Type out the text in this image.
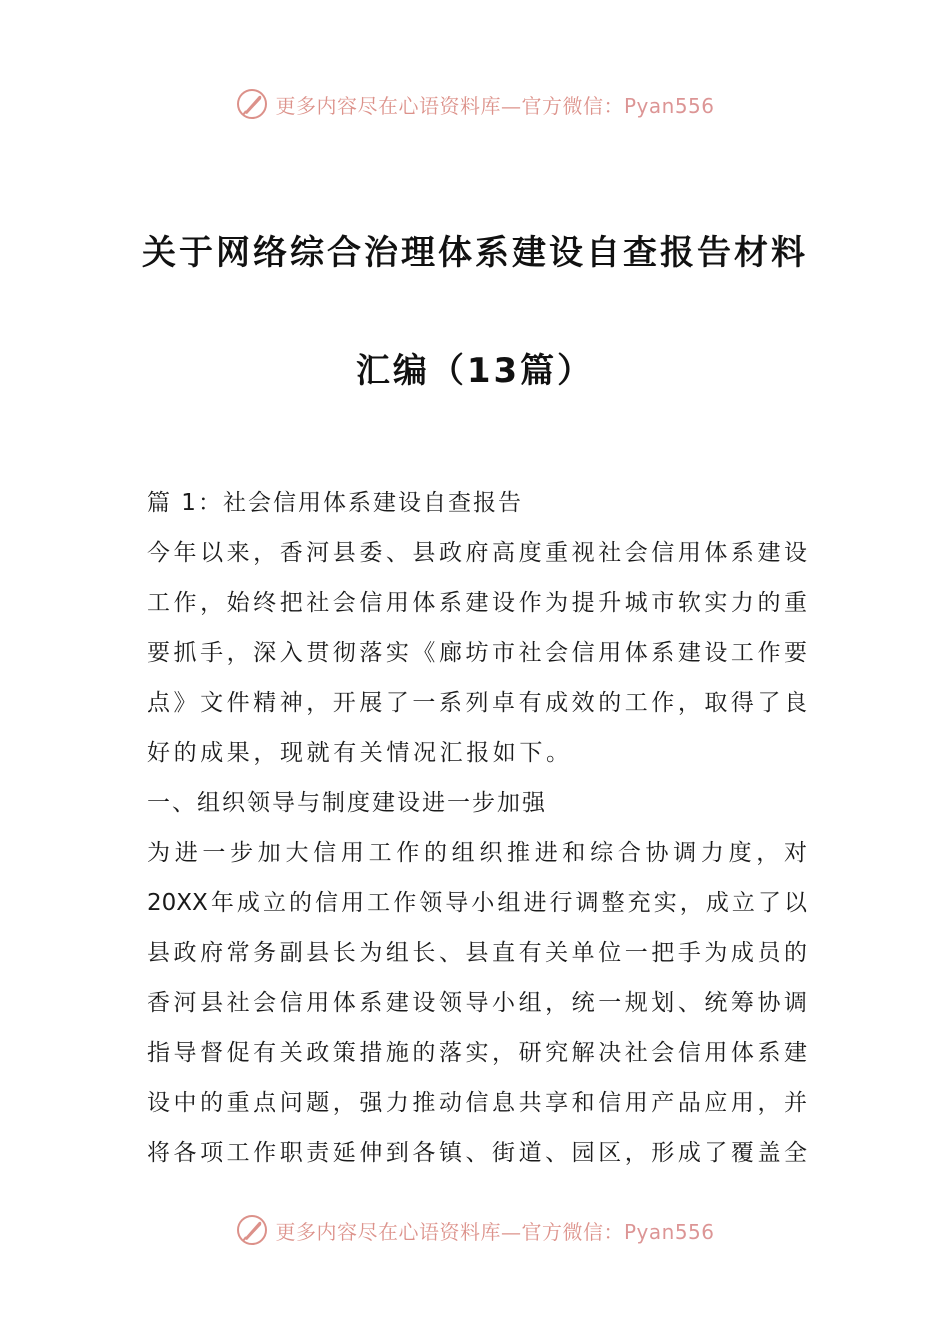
更多内容尽在心语资料库—官方微信：Pyan556
关于网络综合治理体系建设自查报告材料
汇编（13篇）
篇 1：社会信用体系建设自查报告
今年以来，香河县委、县政府高度重视社会信用体系建设
工作，始终把社会信用体系建设作为提升城市软实力的重
要抓手，深入贯彻落实《廊坊市社会信用体系建设工作要
点》文件精神，开展了一系列卓有成效的工作，取得了良
好的成果，现就有关情况汇报如下。
一、组织领导与制度建设进一步加强
为进一步加大信用工作的组织推进和综合协调力度，对
20XX年成立的信用工作领导小组进行调整充实，成立了以
县政府常务副县长为组长、县直有关单位一把手为成员的
香河县社会信用体系建设领导小组，统一规划、统筹协调
指导督促有关政策措施的落实，研究解决社会信用体系建
设中的重点问题，强力推动信息共享和信用产品应用，并
将各项工作职责延伸到各镇、街道、园区，形成了覆盖全
更多内容尽在心语资料库—官方微信：Pyan556
